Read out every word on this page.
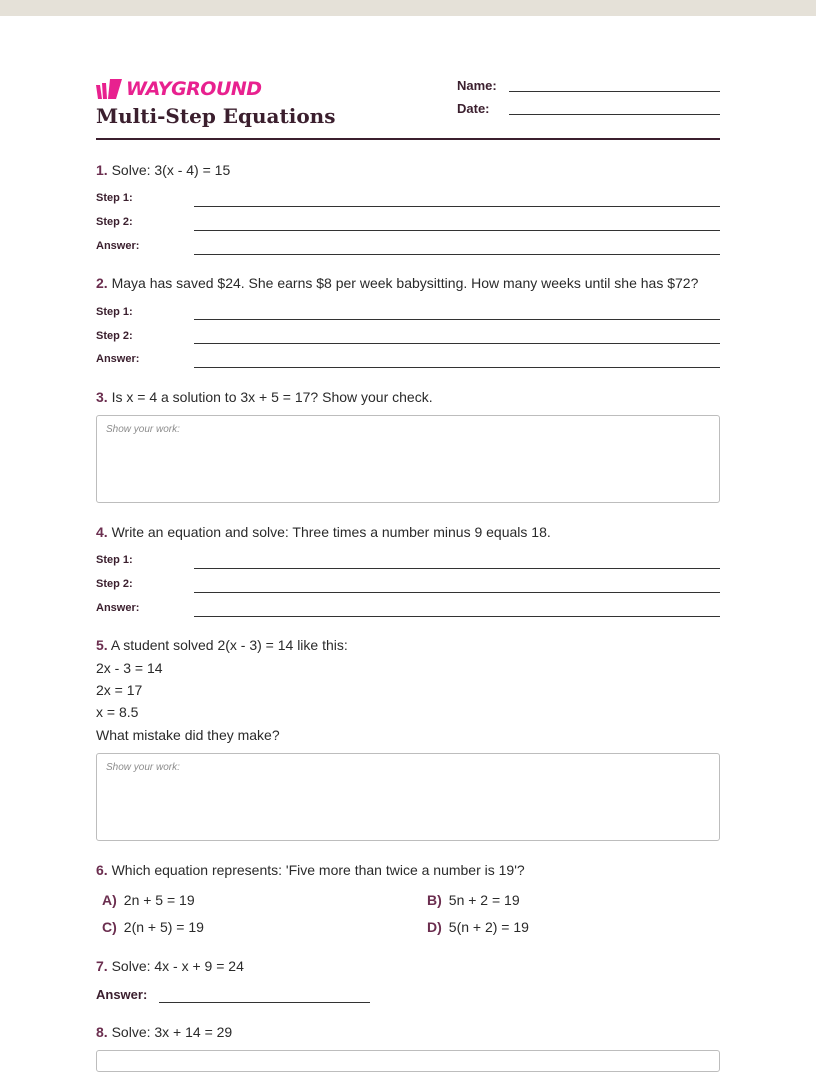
WAYGROUND
Multi-Step Equations
Name:
Date:
1. Solve: 3(x - 4) = 15
Step 1:
Step 2:
Answer:
2. Maya has saved $24. She earns $8 per week babysitting. How many weeks until she has $72?
Step 1:
Step 2:
Answer:
3. Is x = 4 a solution to 3x + 5 = 17? Show your check.
Show your work:
4. Write an equation and solve: Three times a number minus 9 equals 18.
Step 1:
Step 2:
Answer:
5. A student solved 2(x - 3) = 14 like this:
2x - 3 = 14
2x = 17
x = 8.5
What mistake did they make?
Show your work:
6. Which equation represents: 'Five more than twice a number is 19'?
A) 2n + 5 = 19	B) 5n + 2 = 19
C) 2(n + 5) = 19	D) 5(n + 2) = 19
7. Solve: 4x - x + 9 = 24
Answer:
8. Solve: 3x + 14 = 29
